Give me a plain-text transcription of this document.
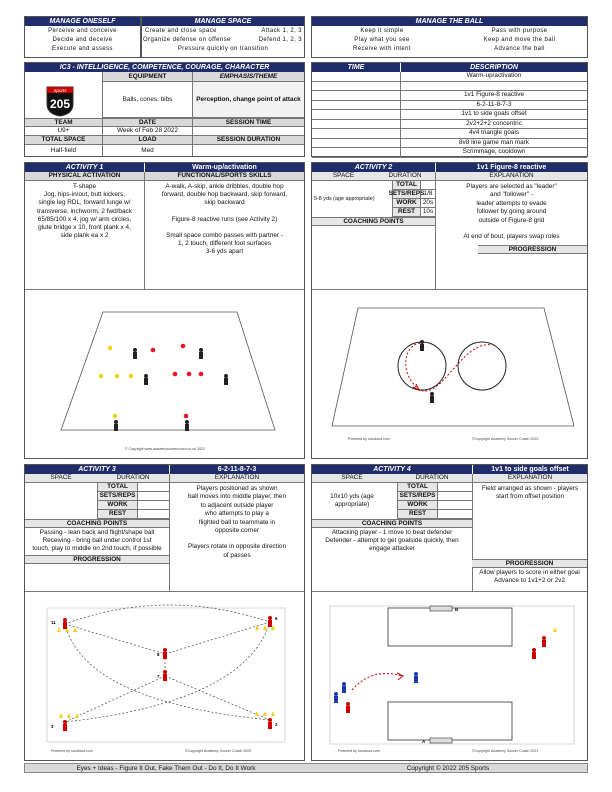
MANAGE ONESELF
Perceive and conceive
Decide and deceive
Execute and assess
MANAGE SPACE
Create and close space
Organize defense on offense
Attack 1, 2, 3
Defend 1, 2, 3
Pressure quickly on transition
MANAGE THE BALL
Keep it simple
Play what you see
Receive with intent
Pass with purpose
Keep and move the ball
Advance the ball
IC3 - INTELLIGENCE, COMPETENCE, COURAGE, CHARACTER
Sports
205
EQUIPMENT	EMPHASIS/THEME
Balls, cones, bibs	Perception, change point of attack
TEAM	DATE	SESSION TIME
U9+	Week of Feb 28 2022
TOTAL SPACE	LOAD	SESSION DURATION
Half-field	Med
TIME	DESCRIPTION
Warm-up/activation
1v1 Figure-8 reactive
6-2-11-8-7-3
1v1 to side goals offset
2v2+2+2 concentric
4v4 triangle goals
8v8 line game man mark
Scrimmage, cooldown
ACTIVITY 1	Warm-up/activation
PHYSICAL ACTIVATION	FUNCTIONAL/SPORTS SKILLS
T-shape
Jog, hips-in/out, butt kickers,
single leg RDL, forward lunge w/
transverse, inchworm, 2 fwd/back
65/85/100 x 4, jog w/ arm circles,
glute bridge x 10, front plank x 4,
side plank ea x 2
A-walk, A-skip, ankle dribbles, double hop
forward, double hop backward, skip forward,
skip backward
Figure-8 reactive runs (see Activity 2)
Small space combo passes with partner -
1, 2 touch, different foot surfaces
3-6 yds apart
© Copyright www.academysoccercoach.co.uk 2022
ACTIVITY 2	1v1 Figure-8 reactive
SPACE	DURATION	EXPLANATION
5-8 yds (age appropriate)
TOTAL
SETS/REPS 1/8
WORK 20s
REST	10s
COACHING POINTS
Players are selected as "leader"
and "follower" -
leader attempts to evade
follower by going around
outside of Figure-8 grid
At end of bout, players swap roles
PROGRESSION
Powered by soccloud.com	©Copyright Academy Soccer Coach 2022
ACTIVITY 3	6-2-11-8-7-3
SPACE	DURATION	EXPLANATION
TOTAL
SETS/REPS
WORK
REST
COACHING POINTS
Passing - lean back and flight/shape ball
Receiving - bring ball under control 1st
touch, play to middle on 2nd touch, if possible
PROGRESSION
Players positioned as shown
ball moves into middle player, then
to adjacent outside player
who attempts to play a
flighted ball to teammate in
opposite corner
Players rotate in opposite direction
of passes
11
6
8
7
2
3
Powered by soccloud.com	©Copyright Academy Soccer Coach 2022
ACTIVITY 4	1v1 to side goals offset
SPACE	DURATION	EXPLANATION
10x10 yds (age
appropriate)
TOTAL
SETS/REPS
WORK
REST
COACHING POINTS
Attacking player - 1 move to beat defender
Defender - attempt to get goalside quickly, then
engage attacker
Field arranged as shown - players
start from offset position
PROGRESSION
Allow players to score in either goal
Advance to 1v1+2 or 2v2
B
A
Powered by soccloud.com	©Copyright Academy Soccer Coach 2021
Eyes + Ideas - Figure It Out, Fake Them Out - Do It, Do It Work	Copyright © 2022 205 Sports
